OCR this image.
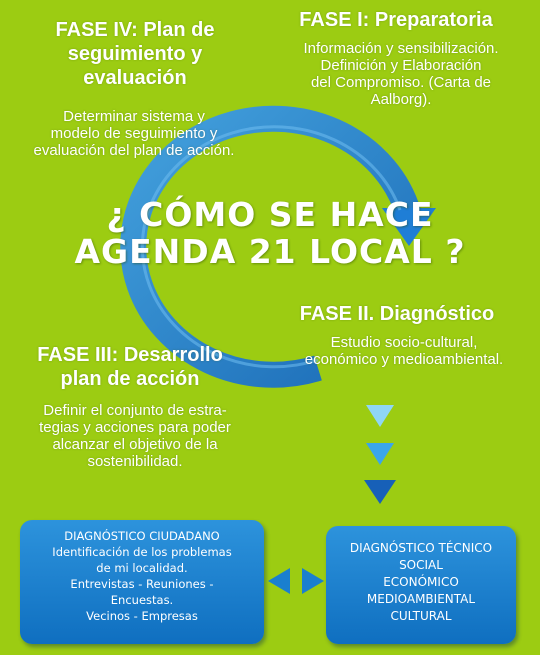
FASE IV: Plan de
seguimiento y
evaluación
Determinar sistema y
modelo de seguimiento y
evaluación del plan de acción.
FASE I: Preparatoria
Información y sensibilización.
Definición y Elaboración
del Compromiso. (Carta de
Aalborg).
¿ CÓMO SE HACE
AGENDA 21 LOCAL ?
FASE II. Diagnóstico
Estudio socio-cultural,
económico y medioambiental.
FASE III: Desarrollo
plan de acción
Definir el conjunto de estra-
tegias y acciones para poder
alcanzar el objetivo de la
sostenibilidad.
DIAGNÓSTICO CIUDADANO
Identificación de los problemas
de mi localidad.
Entrevistas - Reuniones -
Encuestas.
Vecinos - Empresas
DIAGNÓSTICO TÉCNICO
SOCIAL
ECONÓMICO
MEDIOAMBIENTAL
CULTURAL
